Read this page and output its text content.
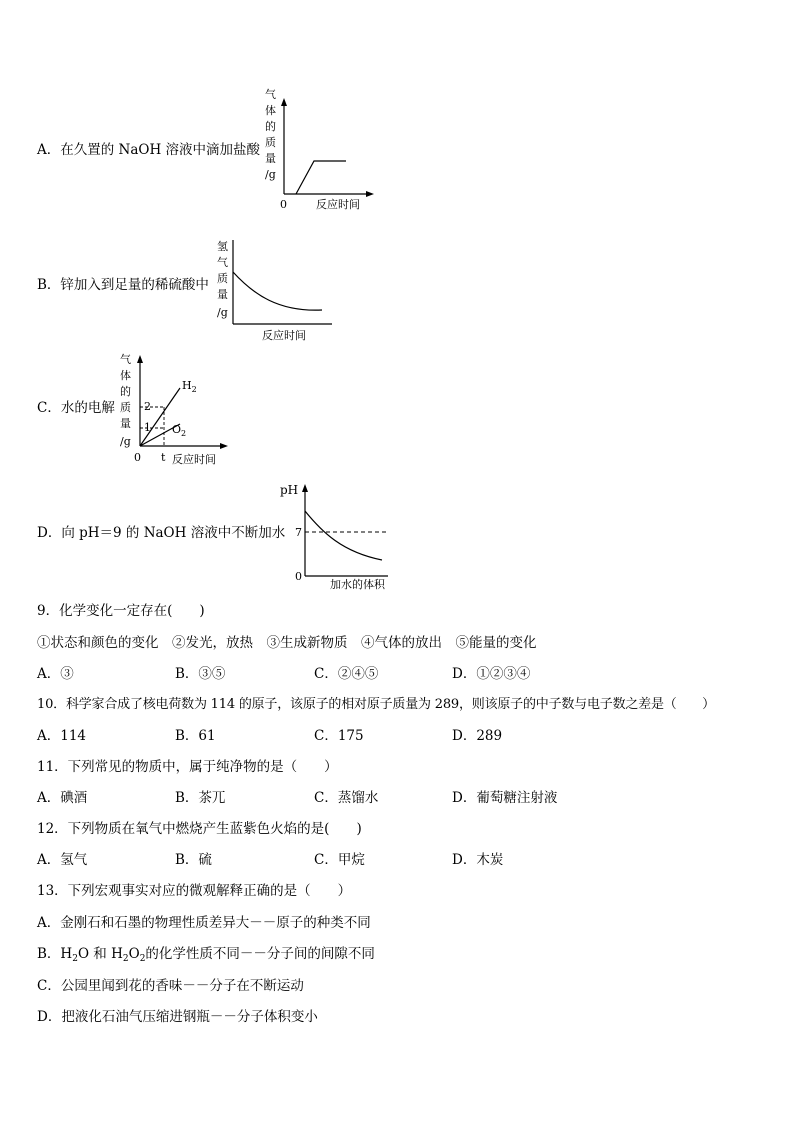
A．在久置的 NaOH 溶液中滴加盐酸
气
体
的
质
量
/g
0	反应时间
B．锌加入到足量的稀硫酸中
氢
气
质
量
/g
反应时间
C．水的电解
气
体
的
质
量
/g
2
1
$H_2$
$O_2$
0 t 反应时间
D．向 pH＝9 的 NaOH 溶液中不断加水
pH
7
0
加水的体积
9．化学变化一定存在(　　)
①状态和颜色的变化　②发光，放热　③生成新物质　④气体的放出　⑤能量的变化
A．③	B．③⑤	C．②④⑤	D．①②③④
10．科学家合成了核电荷数为 114 的原子，该原子的相对原子质量为 289，则该原子的中子数与电子数之差是（　　）
A．114	B．61	C．175	D．289
11．下列常见的物质中，属于纯净物的是（　　）
A．碘酒	B．茶兀	C．蒸馏水	D．葡萄糖注射液
12．下列物质在氧气中燃烧产生蓝紫色火焰的是(　　)
A．氢气	B．硫	C．甲烷	D．木炭
13．下列宏观事实对应的微观解释正确的是（　　）
A．金刚石和石墨的物理性质差异大－－原子的种类不同
B．$H_2O$ 和 $H_2O_2$的化学性质不同－－分子间的间隙不同
C．公园里闻到花的香味－－分子在不断运动
D．把液化石油气压缩进钢瓶－－分子体积变小
